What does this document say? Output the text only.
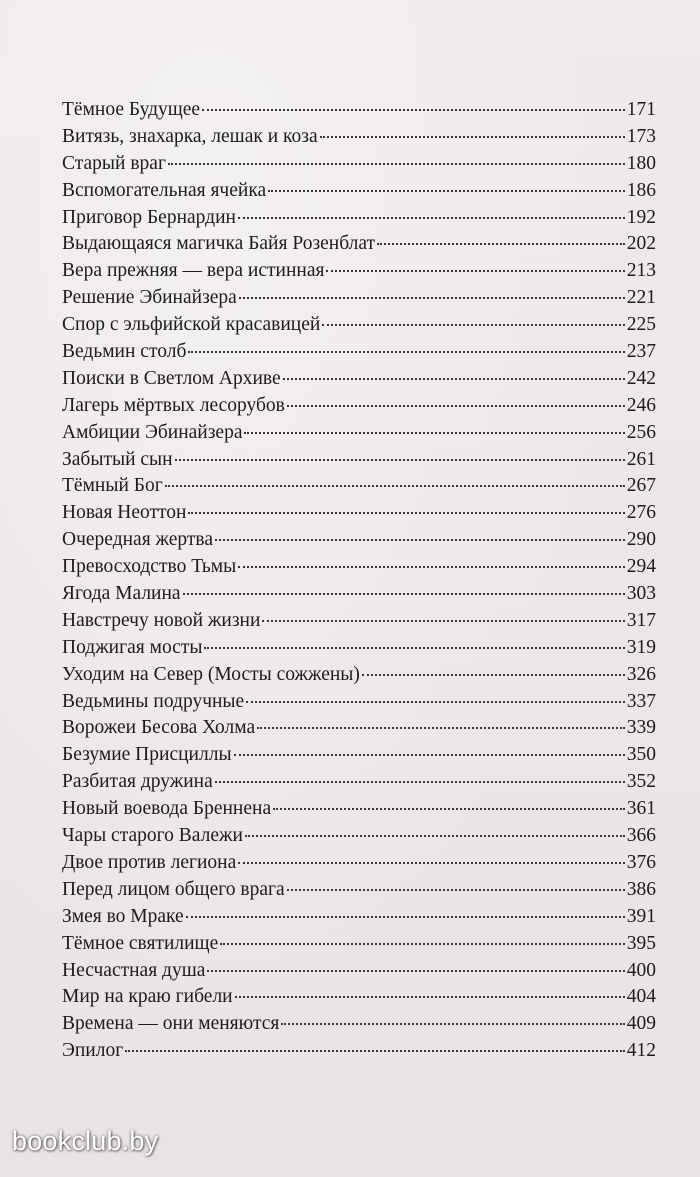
Тёмное Будущее	171
Витязь, знахарка, лешак и коза	173
Старый враг	180
Вспомогательная ячейка	186
Приговор Бернардин	192
Выдающаяся магичка Байя Розенблат	202
Вера прежняя — вера истинная	213
Решение Эбинайзера	221
Спор с эльфийской красавицей	225
Ведьмин столб	237
Поиски в Светлом Архиве	242
Лагерь мёртвых лесорубов	246
Амбиции Эбинайзера	256
Забытый сын	261
Тёмный Бог	267
Новая Неоттон	276
Очередная жертва	290
Превосходство Тьмы	294
Ягода Малина	303
Навстречу новой жизни	317
Поджигая мосты	319
Уходим на Север (Мосты сожжены)	326
Ведьмины подручные	337
Ворожеи Бесова Холма	339
Безумие Присциллы	350
Разбитая дружина	352
Новый воевода Бреннена	361
Чары старого Валежи	366
Двое против легиона	376
Перед лицом общего врага	386
Змея во Мраке	391
Тёмное святилище	395
Несчастная душа	400
Мир на краю гибели	404
Времена — они меняются	409
Эпилог	412
bookclub.by
